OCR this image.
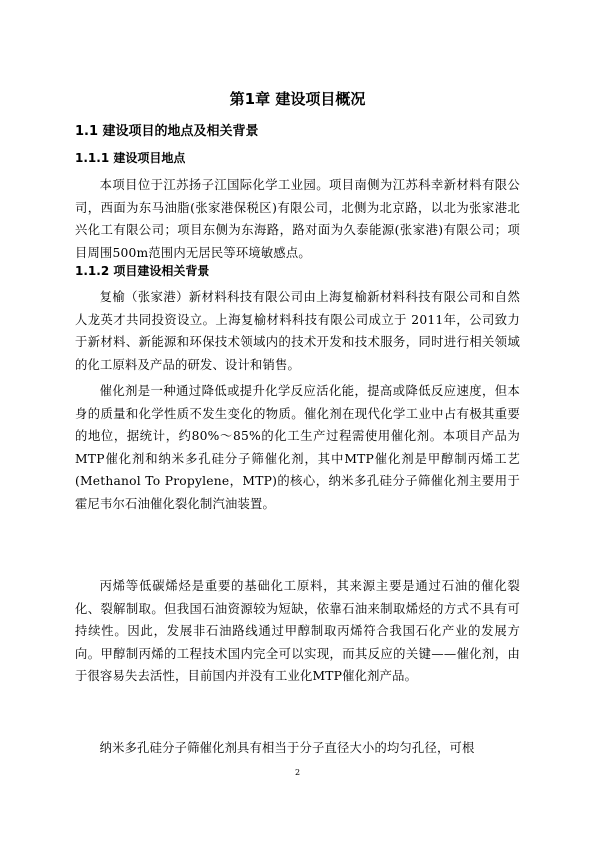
第1章 建设项目概况
1.1 建设项目的地点及相关背景
1.1.1 建设项目地点

本项目位于江苏扬子江国际化学工业园。项目南侧为江苏科幸新材料有限公司，西面为东马油脂(张家港保税区)有限公司，北侧为北京路，以北为张家港北兴化工有限公司；项目东侧为东海路，路对面为久泰能源(张家港)有限公司；项目周围500m范围内无居民等环境敏感点。

1.1.2 项目建设相关背景

复榆（张家港）新材料科技有限公司由上海复榆新材料科技有限公司和自然人龙英才共同投资设立。上海复榆材料科技有限公司成立于 2011年，公司致力于新材料、新能源和环保技术领域内的技术开发和技术服务，同时进行相关领域的化工原料及产品的研发、设计和销售。

催化剂是一种通过降低或提升化学反应活化能，提高或降低反应速度，但本身的质量和化学性质不发生变化的物质。催化剂在现代化学工业中占有极其重要的地位，据统计，约80%～85%的化工生产过程需使用催化剂。本项目产品为MTP催化剂和纳米多孔硅分子筛催化剂，其中MTP催化剂是甲醇制丙烯工艺(Methanol To Propylene，MTP)的核心，纳米多孔硅分子筛催化剂主要用于霍尼韦尔石油催化裂化制汽油装置。

丙烯等低碳烯烃是重要的基础化工原料，其来源主要是通过石油的催化裂化、裂解制取。但我国石油资源较为短缺，依靠石油来制取烯烃的方式不具有可持续性。因此，发展非石油路线通过甲醇制取丙烯符合我国石化产业的发展方向。甲醇制丙烯的工程技术国内完全可以实现，而其反应的关键——催化剂，由于很容易失去活性，目前国内并没有工业化MTP催化剂产品。

纳米多孔硅分子筛催化剂具有相当于分子直径大小的均匀孔径，可根

2
